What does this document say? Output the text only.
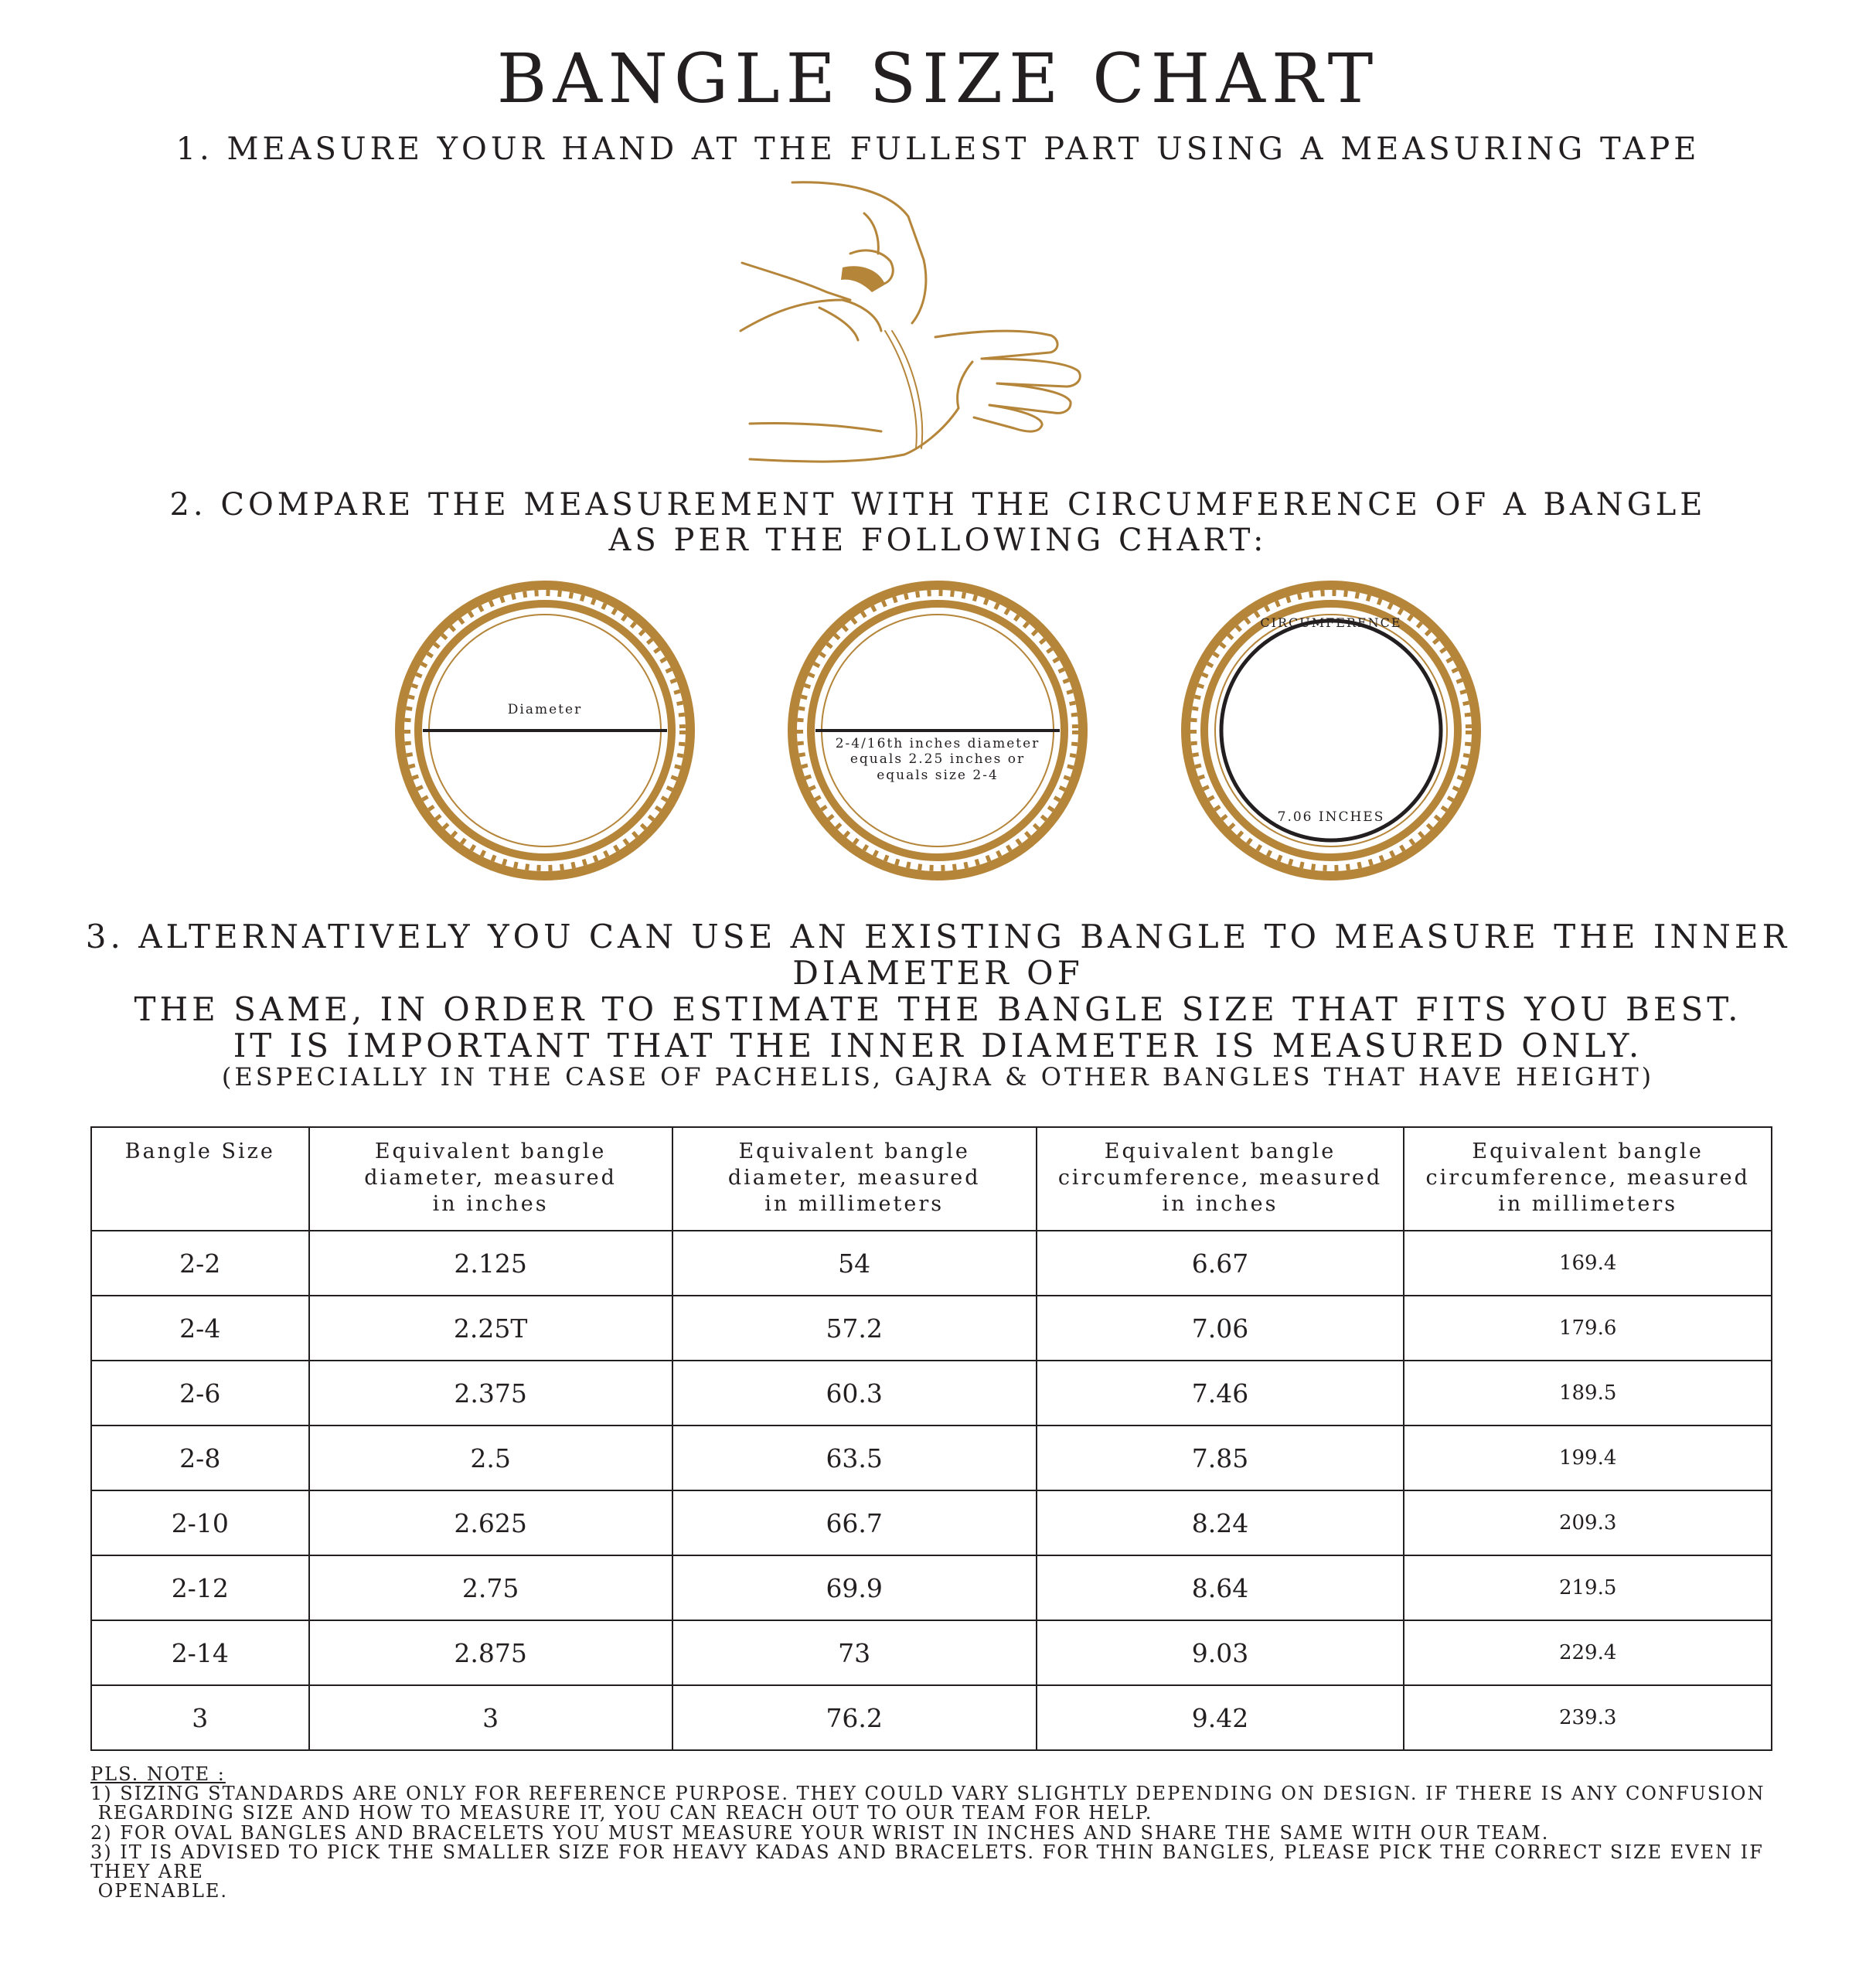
BANGLE SIZE CHART
1. MEASURE YOUR HAND AT THE FULLEST PART USING A MEASURING TAPE
2. COMPARE THE MEASUREMENT WITH THE CIRCUMFERENCE OF A BANGLE
AS PER THE FOLLOWING CHART:
Diameter
2-4/16th inches diameter
equals 2.25 inches or
equals size 2-4
CIRCUMFERENCE
7.06 INCHES
3. ALTERNATIVELY YOU CAN USE AN EXISTING BANGLE TO MEASURE THE INNER DIAMETER OF
THE SAME, IN ORDER TO ESTIMATE THE BANGLE SIZE THAT FITS YOU BEST.
IT IS IMPORTANT THAT THE INNER DIAMETER IS MEASURED ONLY.
(ESPECIALLY IN THE CASE OF PACHELIS, GAJRA & OTHER BANGLES THAT HAVE HEIGHT)
Bangle Size	Equivalent bangle
diameter, measured
in inches	Equivalent bangle
diameter, measured
in millimeters	Equivalent bangle
circumference, measured
in inches	Equivalent bangle
circumference, measured
in millimeters
2-2	2.125	54	6.67	169.4
2-4	2.25T	57.2	7.06	179.6
2-6	2.375	60.3	7.46	189.5
2-8	2.5	63.5	7.85	199.4
2-10	2.625	66.7	8.24	209.3
2-12	2.75	69.9	8.64	219.5
2-14	2.875	73	9.03	229.4
3	3	76.2	9.42	239.3
PLS. NOTE :
1) SIZING STANDARDS ARE ONLY FOR REFERENCE PURPOSE. THEY COULD VARY SLIGHTLY DEPENDING ON DESIGN. IF THERE IS ANY CONFUSION
REGARDING SIZE AND HOW TO MEASURE IT, YOU CAN REACH OUT TO OUR TEAM FOR HELP.
2) FOR OVAL BANGLES AND BRACELETS YOU MUST MEASURE YOUR WRIST IN INCHES AND SHARE THE SAME WITH OUR TEAM.
3) IT IS ADVISED TO PICK THE SMALLER SIZE FOR HEAVY KADAS AND BRACELETS. FOR THIN BANGLES, PLEASE PICK THE CORRECT SIZE EVEN IF THEY ARE
OPENABLE.
